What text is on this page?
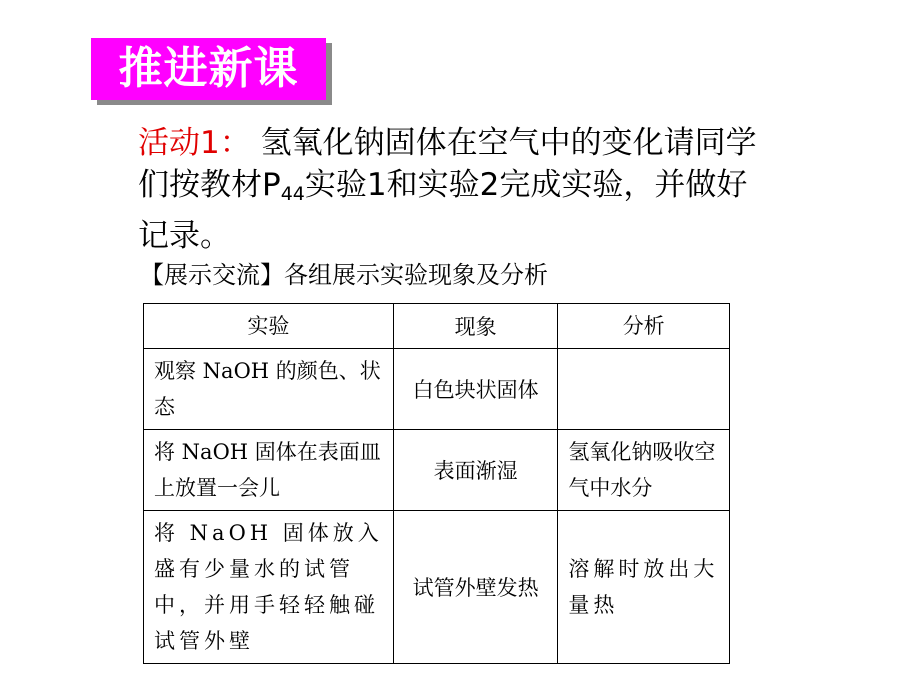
推进新课
活动1： 氢氧化钠固体在空气中的变化请同学们按教材$P_{44}$实验1和实验2完成实验，并做好记录。
【展示交流】各组展示实验现象及分析
实验	现象	分析
观察 NaOH 的颜色、状态	白色块状固体	
将 NaOH 固体在表面皿上放置一会儿	表面渐湿	氢氧化钠吸收空气中水分
将 NaOH 固体放入盛有少量水的试管中，并用手轻轻触碰试管外壁	试管外壁发热	溶解时放出大量热
